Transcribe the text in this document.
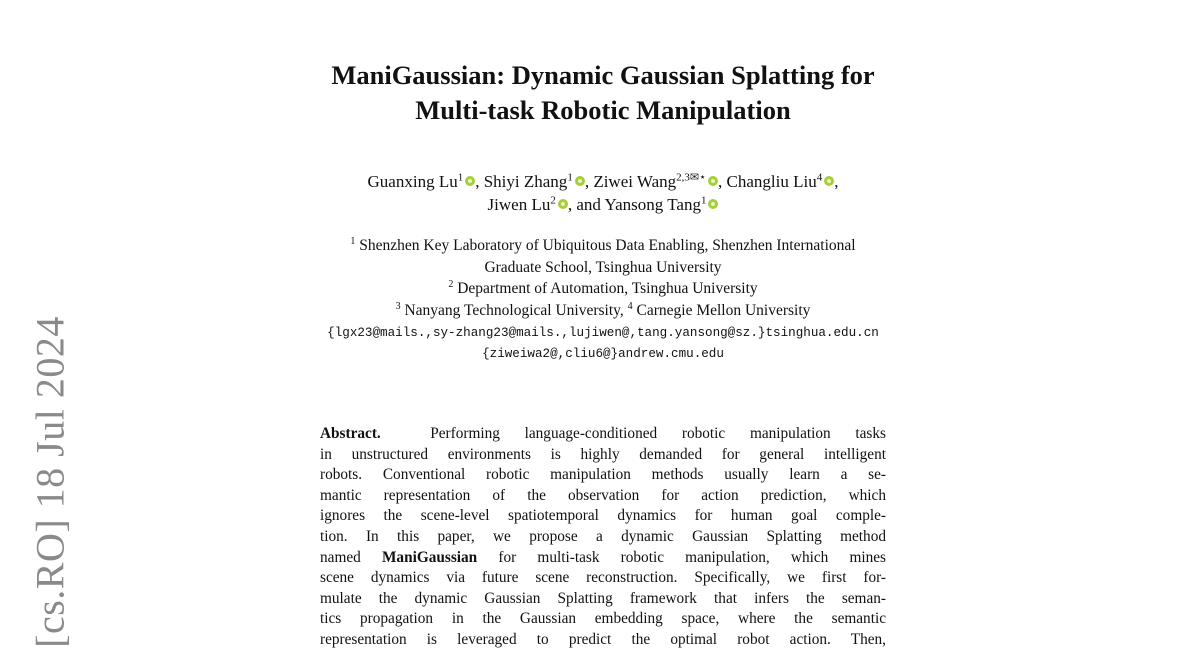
[cs.RO] 18 Jul 2024
ManiGaussian: Dynamic Gaussian Splatting for
Multi-task Robotic Manipulation
Guanxing Lu$^1$ , Shiyi Zhang$^1$ , Ziwei Wang$^{2,3✉⋆}$ , Changliu Liu$^4$ ,
Jiwen Lu$^2$ , and Yansong Tang$^1$
$^1$ Shenzhen Key Laboratory of Ubiquitous Data Enabling, Shenzhen International
Graduate School, Tsinghua University
$^2$ Department of Automation, Tsinghua University
$^3$ Nanyang Technological University, $^4$ Carnegie Mellon University
{lgx23@mails.,sy-zhang23@mails.,lujiwen@,tang.yansong@sz.}tsinghua.edu.cn
{ziweiwa2@,cliu6@}andrew.cmu.edu
Abstract.	Performing language-conditioned robotic manipulation tasks
in unstructured environments is highly demanded for general intelligent
robots. Conventional robotic manipulation methods usually learn a se-
mantic representation of the observation for action prediction, which
ignores the scene-level spatiotemporal dynamics for human goal comple-
tion. In this paper, we propose a dynamic Gaussian Splatting method
named ManiGaussian for multi-task robotic manipulation, which mines
scene dynamics via future scene reconstruction. Specifically, we first for-
mulate the dynamic Gaussian Splatting framework that infers the seman-
tics propagation in the Gaussian embedding space, where the semantic
representation is leveraged to predict the optimal robot action. Then,
